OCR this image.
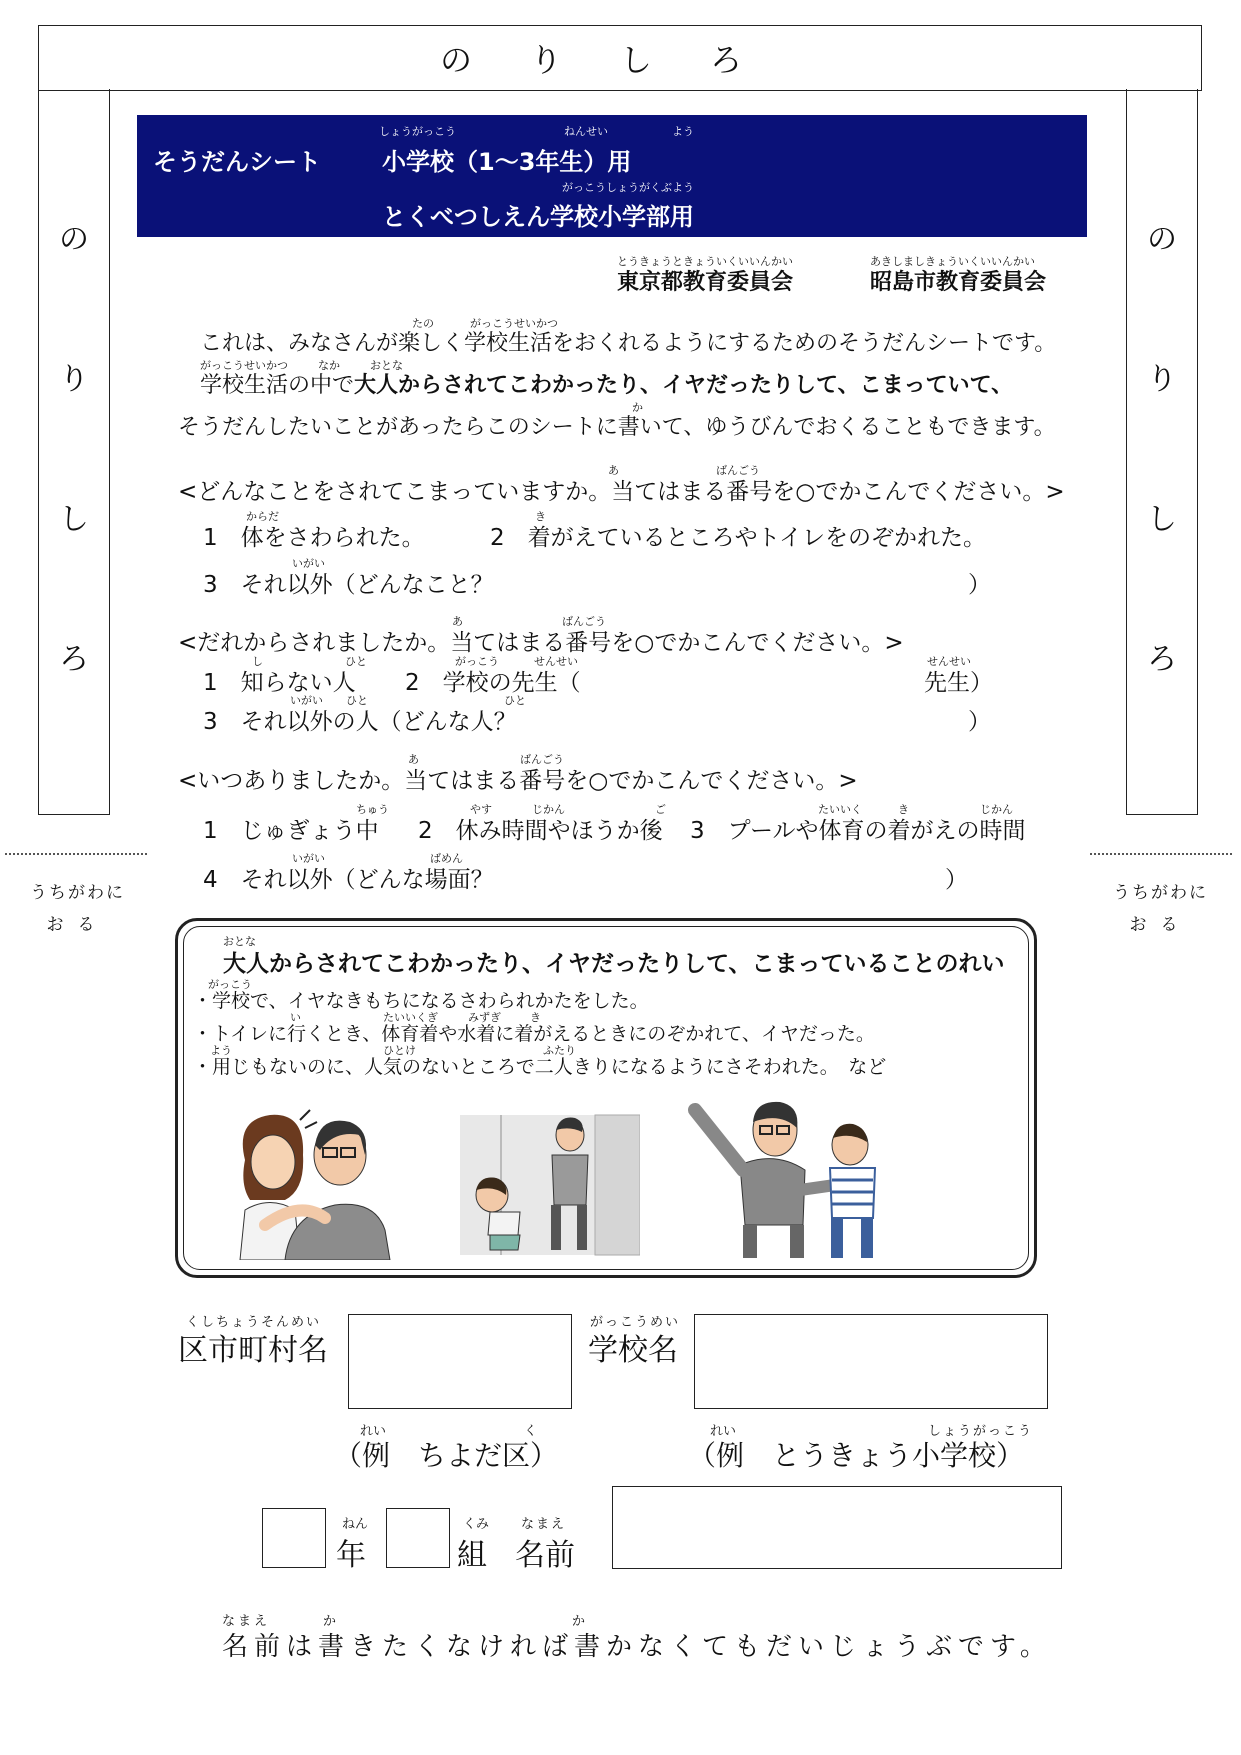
のりしろ
の
り
し
ろ
の
り
し
ろ
うちがわに
おる
うちがわに
おる
そうだんシート
しょうがっこう	ねんせい	よう
小学校（1～3年生）用
がっこうしょうがくぶよう
とくべつしえん学校小学部用
とうきょうときょういくいいんかい
東京都教育委員会
あきしましきょういくいいんかい
昭島市教育委員会
たの	がっこうせいかつ
これは、みなさんが楽しく学校生活をおくれるようにするためのそうだんシートです。
がっこうせいかつ	なか	おとな
学校生活の中で大人からされてこわかったり、イヤだったりして、こまっていて、
か
そうだんしたいことがあったらこのシートに書いて、ゆうびんでおくることもできます。
あ	ばんごう
<どんなことをされてこまっていますか。当てはまる番号を○でかこんでください。>
からだ
1　体をさわられた。
き
2　着がえているところやトイレをのぞかれた。
いがい
3　それ以外（どんなこと？	）
あ	ばんごう
<だれからされましたか。当てはまる番号を○でかこんでください。>
し	ひと
1　知らない人
がっこう	せんせい
2　学校の先生（
せんせい
先生）
いがい ひと	ひと
3　それ以外の人（どんな人？	）
あ	ばんごう
<いつありましたか。当てはまる番号を○でかこんでください。>
ちゅう
1　じゅぎょう中
やす	じかん	ご
2　休み時間やほうか後
たいいく	き	じかん
3　プールや体育の着がえの時間
いがい	ばめん
4　それ以外（どんな場面？	）
おとな
大人からされてこわかったり、イヤだったりして、こまっていることのれい
がっこう
・学校で、イヤなきもちになるさわられかたをした。
い	たいいくぎ	みずぎ	き
・トイレに行くとき、体育着や水着に着がえるときにのぞかれて、イヤだった。
よう	ひとけ	ふたり
・用じもないのに、人気のないところで二人きりになるようにさそわれた。　など
くしちょうそんめい
区市町村名
れい	く
（例　ちよだ区）
がっこうめい
学校名
れい	しょうがっこう
（例　とうきょう小学校）
ねん
年
くみ
組
なまえ
名前
なまえ	か	か
名前は書きたくなければ書かなくてもだいじょうぶです。
